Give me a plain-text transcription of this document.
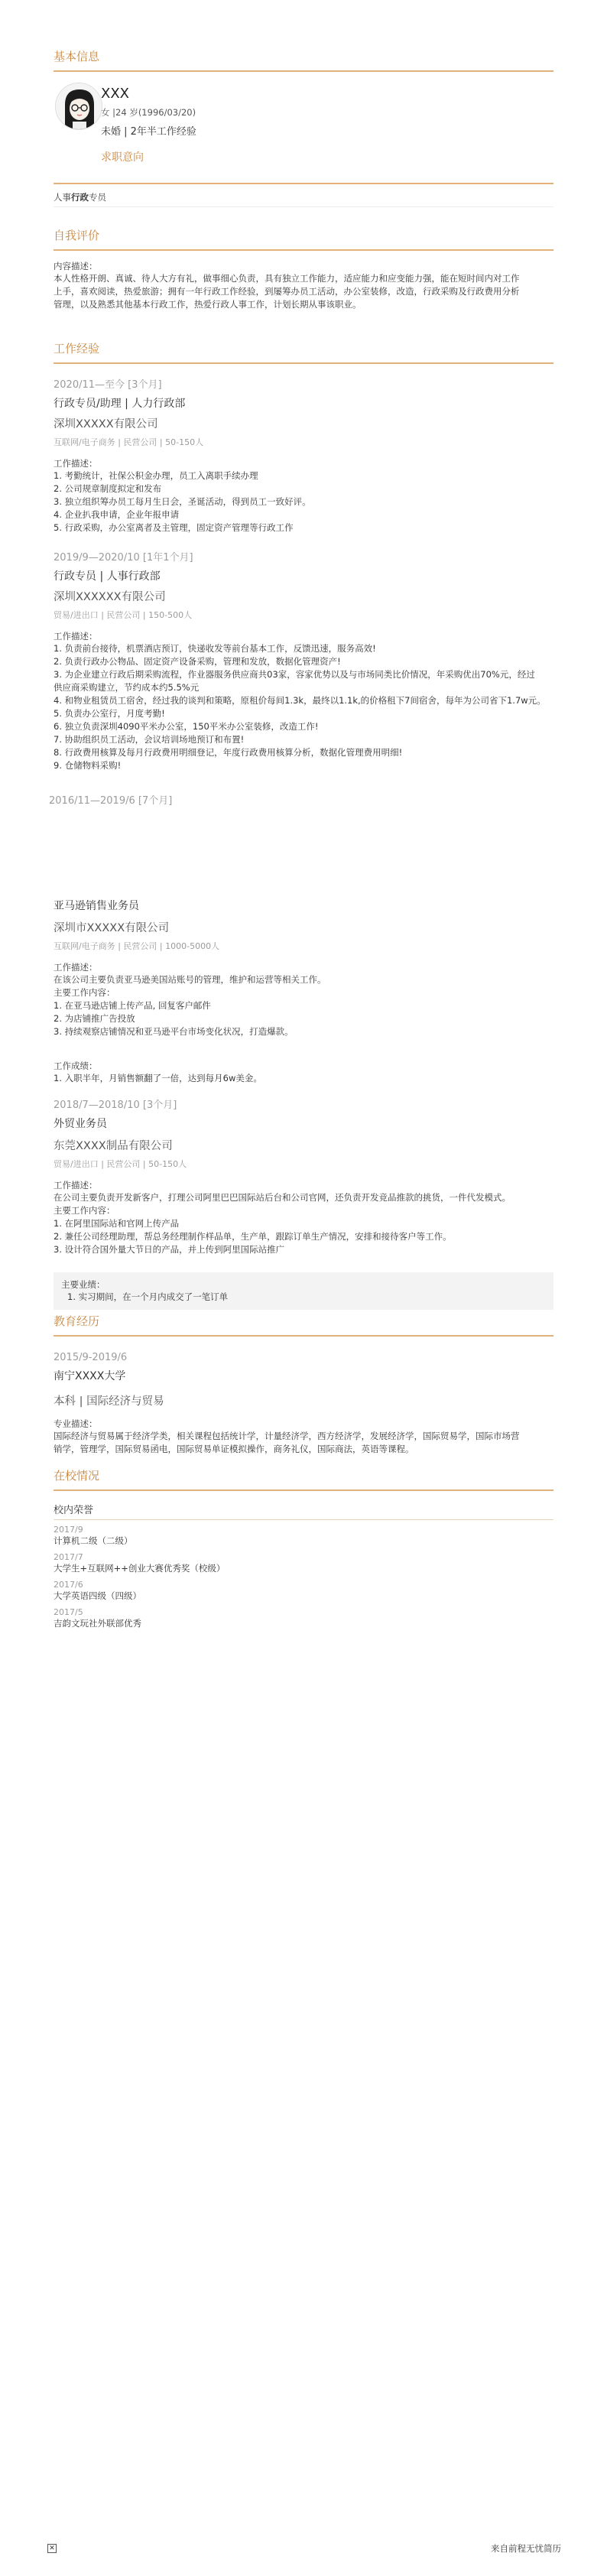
基本信息
XXX
女 |24 岁(1996/03/20)
未婚 | 2年半工作经验
求职意向
人事行政专员
自我评价
内容描述：
本人性格开朗、真诚、待人大方有礼，做事细心负责，具有独立工作能力，适应能力和应变能力强，能在短时间内对工作
上手，喜欢阅读，热爱旅游；拥有一年行政工作经验，到屡筹办员工活动，办公室装修，改造，行政采购及行政费用分析
管理，以及熟悉其他基本行政工作，热爱行政人事工作，计划长期从事该职业。
工作经验
2020/11—至今 [3个月]
行政专员/助理 | 人力行政部
深圳XXXXX有限公司
互联网/电子商务 | 民营公司 | 50-150人
工作描述：
1. 考勤统计，社保公积金办理，员工入离职手续办理
2. 公司规章制度拟定和发布
3. 独立组织筹办员工每月生日会，圣诞活动，得到员工一致好评。
4. 企业扒我申请，企业年报申请
5. 行政采购，办公室离者及主管理，固定资产管理等行政工作
2019/9—2020/10 [1年1个月]
行政专员 | 人事行政部
深圳XXXXXX有限公司
贸易/进出口 | 民营公司 | 150-500人
工作描述：
1. 负责前台接待，机票酒店预订，快递收发等前台基本工作，反馈迅速，服务高效!
2. 负责行政办公物品、固定资产设备采购，管理和发放，数据化管理资产!
3. 为企业建立行政后期采购流程，作业器服务供应商共03家，容家优势以及与市场同类比价情况，年采购优出70%元，经过
供应商采购建立，节约成本约5.5%元
4. 和物业租赁员工宿舍，经过我的谈判和策略，原租价每间1.3k，最终以1.1k,的价格租下7间宿舍，每年为公司省下1.7w元。
5. 负责办公室行，月度考勤!
6. 独立负责深圳4090平米办公室，150平米办公室装修，改造工作!
7. 协助组织员工活动，会议培训场地预订和布置!
8. 行政费用核算及每月行政费用明细登记，年度行政费用核算分析，数据化管理费用明细!
9. 仓储物料采购!
2016/11—2019/6 [7个月]
亚马逊销售业务员
深圳市XXXXX有限公司
互联网/电子商务 | 民营公司 | 1000-5000人
工作描述：
在该公司主要负责亚马逊美国站账号的管理，维护和运营等相关工作。
主要工作内容：
1. 在亚马逊店铺上传产品, 回复客户邮件
2. 为店铺推广告投放
3. 持续观察店铺情况和亚马逊平台市场变化状况，打造爆款。
工作成绩：
1. 入职半年，月销售额翻了一倍，达到每月6w美金。
2018/7—2018/10 [3个月]
外贸业务员
东莞XXXX制品有限公司
贸易/进出口 | 民营公司 | 50-150人
工作描述：
在公司主要负责开发新客户，打理公司阿里巴巴国际站后台和公司官网，还负责开发竞品推款的挑货，一件代发模式。
主要工作内容：
1. 在阿里国际站和官网上传产品
2. 兼任公司经理助理，帮总务经理制作样品单，生产单，跟踪订单生产情况，安排和接待客户等工作。
3. 设计符合国外量大节日的产品，并上传到阿里国际站推广
主要业绩：
1. 实习期间，在一个月内成交了一笔订单
教育经历
2015/9-2019/6
南宁XXXX大学
本科 | 国际经济与贸易
专业描述：
国际经济与贸易属于经济学类，相关课程包括统计学，计量经济学，西方经济学，发展经济学，国际贸易学，国际市场营
销学，管理学，国际贸易函电，国际贸易单证模拟操作，商务礼仪，国际商法，英语等课程。
在校情况
校内荣誉
2017/9
计算机二级（二级）
2017/7
大学生+互联网++创业大赛优秀奖（校级）
2017/6
大学英语四级（四级）
2017/5
吉韵文玩社外联部优秀
✕	来自前程无忧简历
